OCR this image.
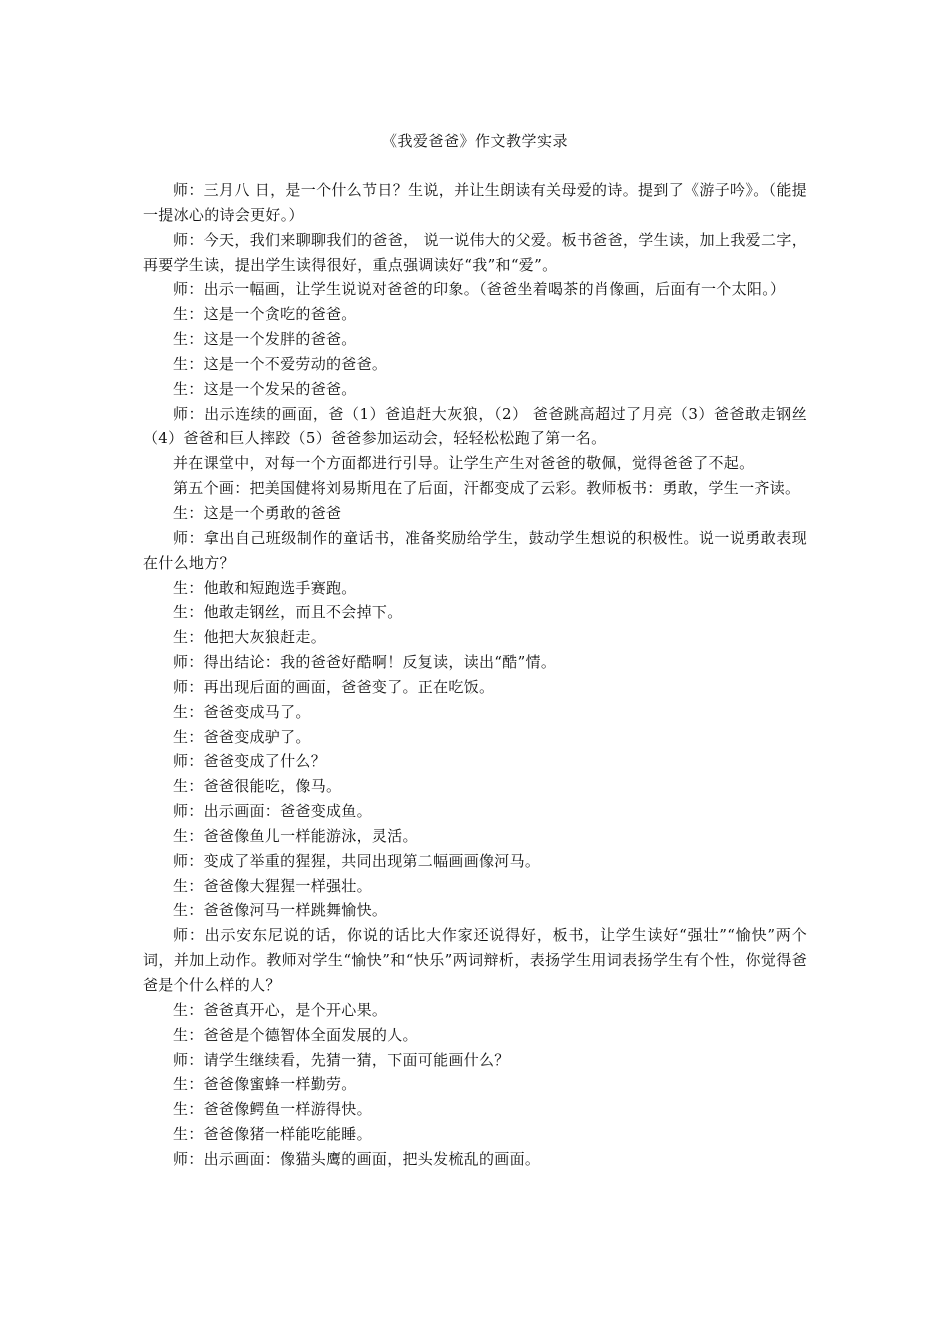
《我爱爸爸》作文教学实录

师：三月八 日，是一个什么节日？生说，并让生朗读有关母爱的诗。提到了《游子吟》。（能提一提冰心的诗会更好。）

师：今天，我们来聊聊我们的爸爸， 说一说伟大的父爱。板书爸爸，学生读，加上我爱二字，再要学生读，提出学生读得很好，重点强调读好“我”和“爱”。

师：出示一幅画，让学生说说对爸爸的印象。（爸爸坐着喝茶的肖像画，后面有一个太阳。）

生：这是一个贪吃的爸爸。

生：这是一个发胖的爸爸。

生：这是一个不爱劳动的爸爸。

生：这是一个发呆的爸爸。

师：出示连续的画面，爸（1）爸追赶大灰狼，（2） 爸爸跳高超过了月亮（3）爸爸敢走钢丝（4）爸爸和巨人摔跤（5）爸爸参加运动会，轻轻松松跑了第一名。

并在课堂中，对每一个方面都进行引导。让学生产生对爸爸的敬佩，觉得爸爸了不起。

第五个画：把美国健将刘易斯甩在了后面，汗都变成了云彩。教师板书：勇敢，学生一齐读。

生：这是一个勇敢的爸爸

师：拿出自己班级制作的童话书，准备奖励给学生，鼓动学生想说的积极性。说一说勇敢表现在什么地方？

生：他敢和短跑选手赛跑。

生：他敢走钢丝，而且不会掉下。

生：他把大灰狼赶走。

师：得出结论：我的爸爸好酷啊！反复读，读出“酷”情。

师：再出现后面的画面，爸爸变了。正在吃饭。

生：爸爸变成马了。

生：爸爸变成驴了。

师：爸爸变成了什么？

生：爸爸很能吃，像马。

师：出示画面：爸爸变成鱼。

生：爸爸像鱼儿一样能游泳，灵活。

师：变成了举重的猩猩，共同出现第二幅画画像河马。

生：爸爸像大猩猩一样强壮。

生：爸爸像河马一样跳舞愉快。

师：出示安东尼说的话，你说的话比大作家还说得好，板书，让学生读好“强壮”“愉快”两个词，并加上动作。教师对学生“愉快”和“快乐”两词辩析，表扬学生用词表扬学生有个性，你觉得爸爸是个什么样的人？

生：爸爸真开心，是个开心果。

生：爸爸是个德智体全面发展的人。

师：请学生继续看，先猜一猜，下面可能画什么？

生：爸爸像蜜蜂一样勤劳。

生：爸爸像鳄鱼一样游得快。

生：爸爸像猪一样能吃能睡。

师：出示画面：像猫头鹰的画面，把头发梳乱的画面。
